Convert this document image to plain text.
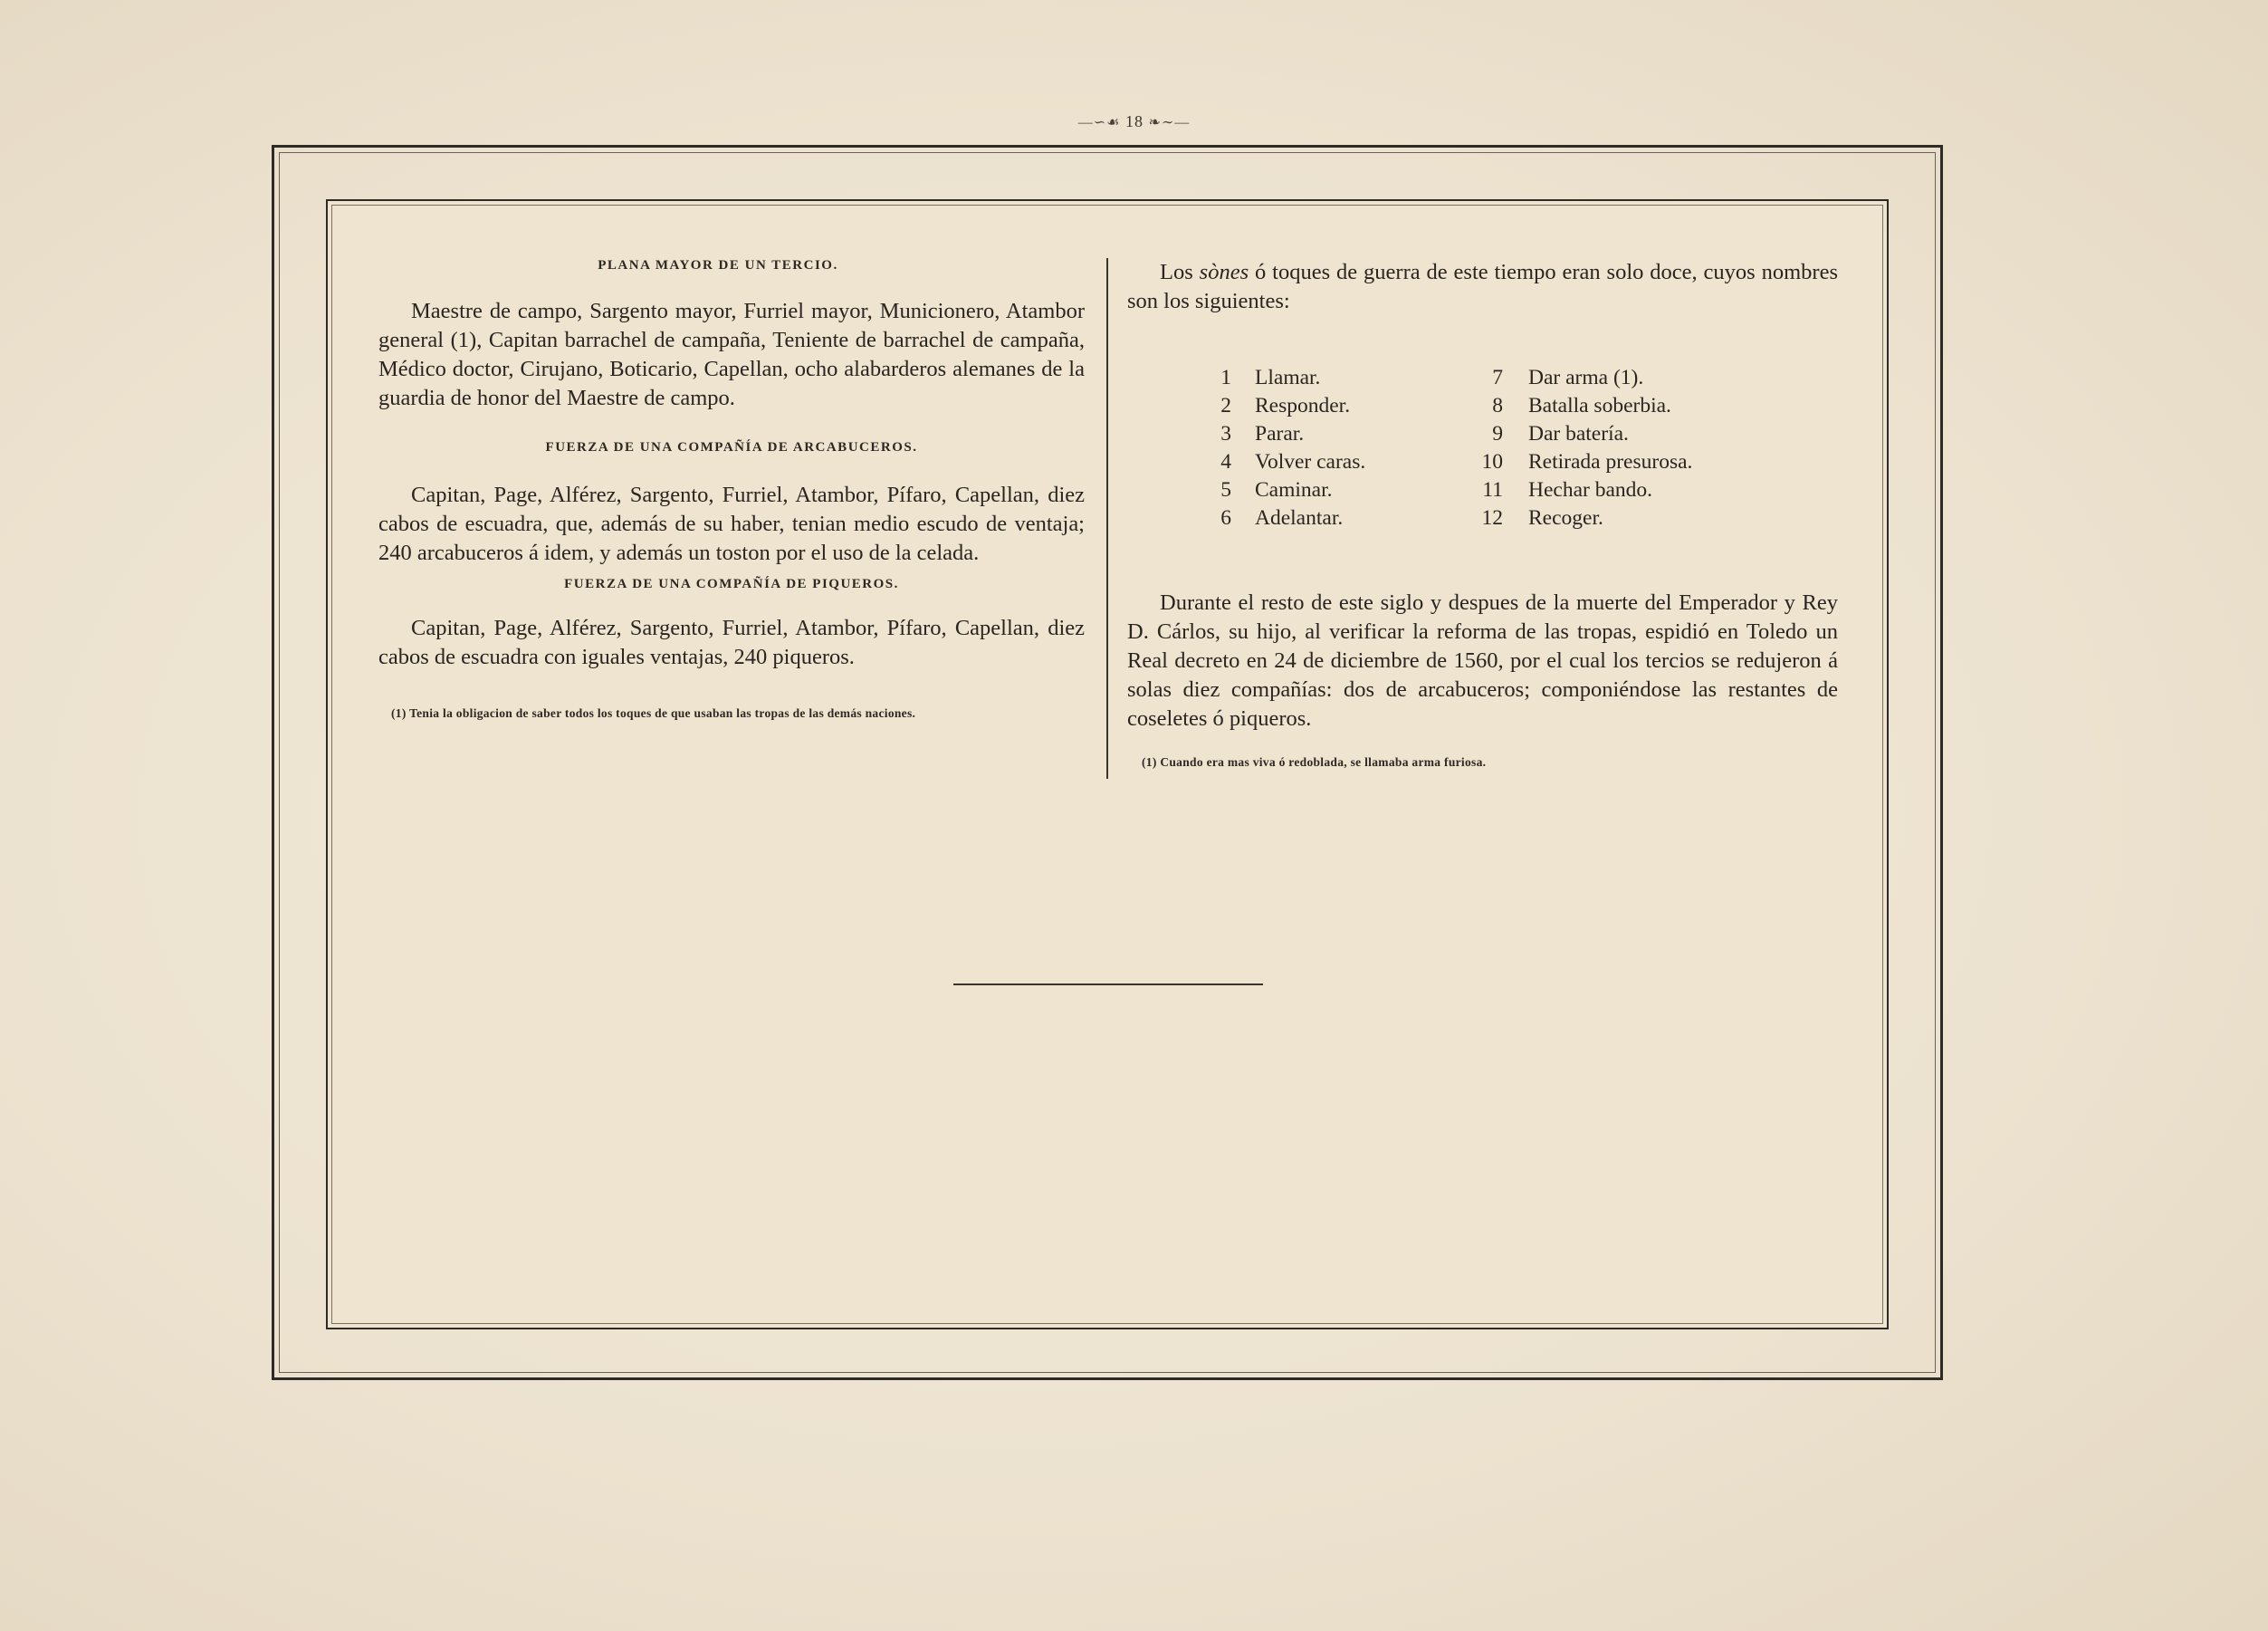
—∽☙ 18 ❧∼—
PLANA MAYOR DE UN TERCIO.

Maestre de campo, Sargento mayor, Furriel mayor, Municionero, Atambor general (1), Capitan barrachel de campaña, Teniente de barrachel de campaña, Médico doctor, Cirujano, Boticario, Capellan, ocho alabarderos alemanes de la guardia de honor del Maestre de campo.

FUERZA DE UNA COMPAÑÍA DE ARCABUCEROS.

Capitan, Page, Alférez, Sargento, Furriel, Atambor, Pífaro, Capellan, diez cabos de escuadra, que, además de su haber, tenian medio escudo de ventaja; 240 arcabuceros á idem, y además un toston por el uso de la celada.

FUERZA DE UNA COMPAÑÍA DE PIQUEROS.

Capitan, Page, Alférez, Sargento, Furriel, Atambor, Pífaro, Capellan, diez cabos de escuadra con iguales ventajas, 240 piqueros.

(1) Tenia la obligacion de saber todos los toques de que usaban las tropas de las demás naciones.

Los sònes ó toques de guerra de este tiempo eran solo doce, cuyos nombres son los siguientes:

1 Llamar.
2 Responder.
3 Parar.
4 Volver caras.
5 Caminar.
6 Adelantar.
7 Dar arma (1).
8 Batalla soberbia.
9 Dar batería.
10 Retirada presurosa.
11 Hechar bando.
12 Recoger.

Durante el resto de este siglo y despues de la muerte del Emperador y Rey D. Cárlos, su hijo, al verificar la reforma de las tropas, espidió en Toledo un Real decreto en 24 de diciembre de 1560, por el cual los tercios se redujeron á solas diez compañías: dos de arcabuceros; componiéndose las restantes de coseletes ó piqueros.

(1) Cuando era mas viva ó redoblada, se llamaba arma furiosa.
